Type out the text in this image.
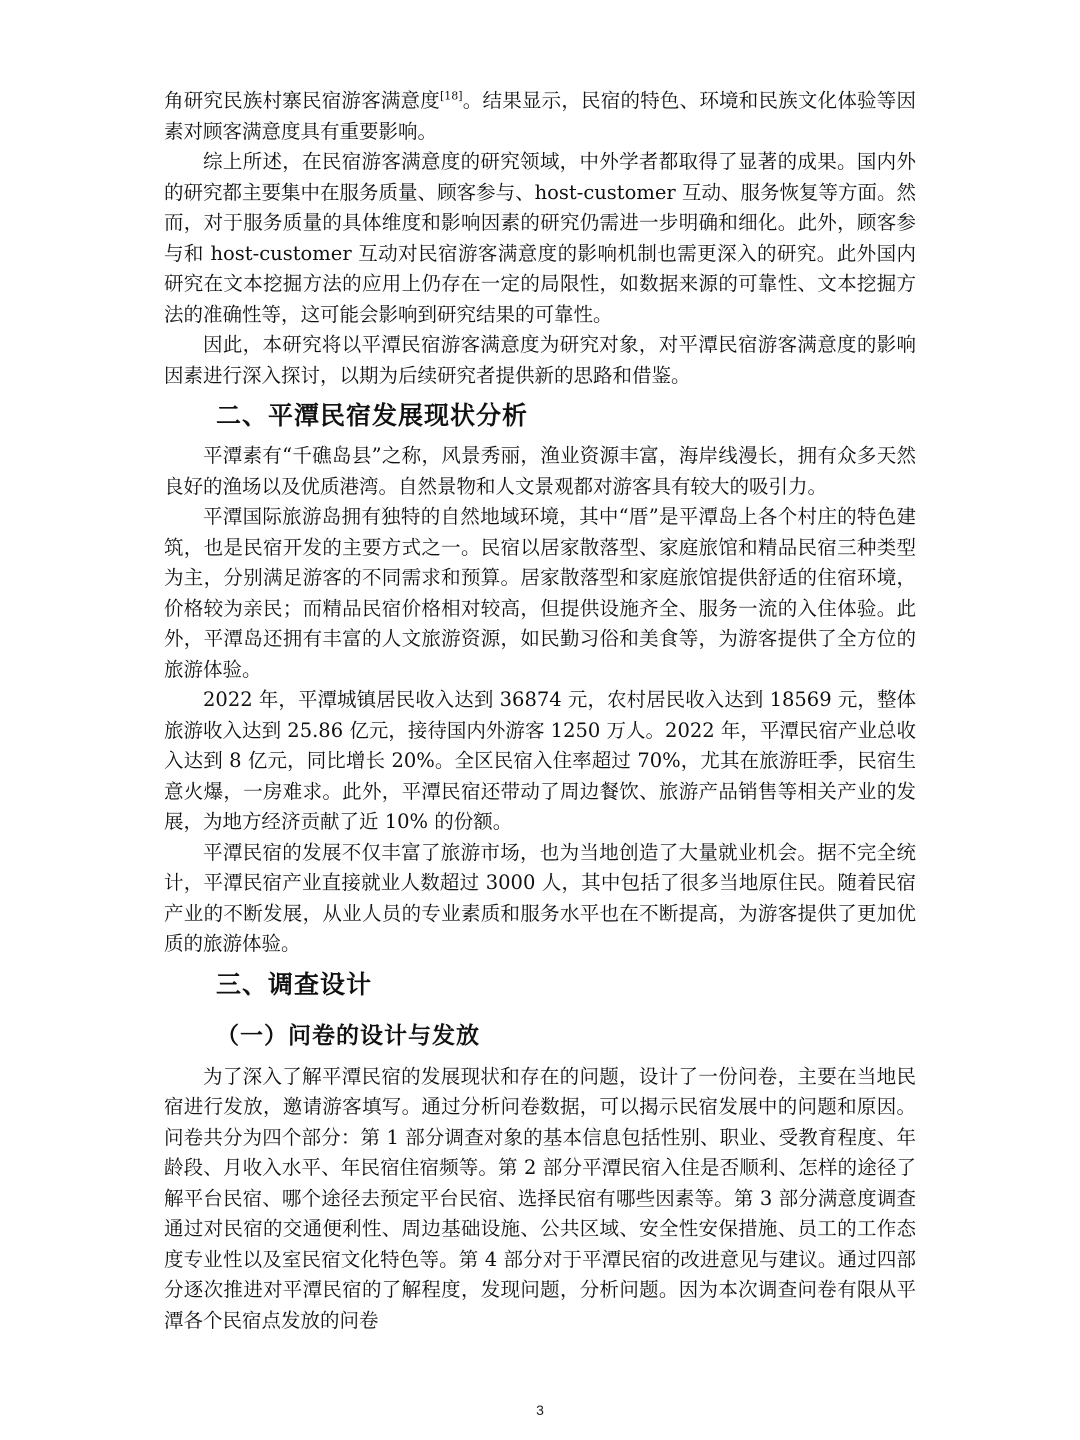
角研究民族村寨民宿游客满意度[18]。结果显示，民宿的特色、环境和民族文化体验等因素对顾客满意度具有重要影响。

综上所述，在民宿游客满意度的研究领域，中外学者都取得了显著的成果。国内外的研究都主要集中在服务质量、顾客参与、host-customer 互动、服务恢复等方面。然而，对于服务质量的具体维度和影响因素的研究仍需进一步明确和细化。此外，顾客参与和 host-customer 互动对民宿游客满意度的影响机制也需更深入的研究。此外国内研究在文本挖掘方法的应用上仍存在一定的局限性，如数据来源的可靠性、文本挖掘方法的准确性等，这可能会影响到研究结果的可靠性。

因此，本研究将以平潭民宿游客满意度为研究对象，对平潭民宿游客满意度的影响因素进行深入探讨，以期为后续研究者提供新的思路和借鉴。

二、平潭民宿发展现状分析

平潭素有“千礁岛县”之称，风景秀丽，渔业资源丰富，海岸线漫长，拥有众多天然良好的渔场以及优质港湾。自然景物和人文景观都对游客具有较大的吸引力。

平潭国际旅游岛拥有独特的自然地域环境，其中“厝”是平潭岛上各个村庄的特色建筑，也是民宿开发的主要方式之一。民宿以居家散落型、家庭旅馆和精品民宿三种类型为主，分别满足游客的不同需求和预算。居家散落型和家庭旅馆提供舒适的住宿环境，价格较为亲民；而精品民宿价格相对较高，但提供设施齐全、服务一流的入住体验。此外，平潭岛还拥有丰富的人文旅游资源，如民勤习俗和美食等，为游客提供了全方位的旅游体验。

2022 年，平潭城镇居民收入达到 36874 元，农村居民收入达到 18569 元，整体旅游收入达到 25.86 亿元，接待国内外游客 1250 万人。2022 年，平潭民宿产业总收入达到 8 亿元，同比增长 20%。全区民宿入住率超过 70%，尤其在旅游旺季，民宿生意火爆，一房难求。此外，平潭民宿还带动了周边餐饮、旅游产品销售等相关产业的发展，为地方经济贡献了近 10% 的份额。

平潭民宿的发展不仅丰富了旅游市场，也为当地创造了大量就业机会。据不完全统计，平潭民宿产业直接就业人数超过 3000 人，其中包括了很多当地原住民。随着民宿产业的不断发展，从业人员的专业素质和服务水平也在不断提高，为游客提供了更加优质的旅游体验。

三、调查设计
（一）问卷的设计与发放

为了深入了解平潭民宿的发展现状和存在的问题，设计了一份问卷，主要在当地民宿进行发放，邀请游客填写。通过分析问卷数据，可以揭示民宿发展中的问题和原因。问卷共分为四个部分：第 1 部分调查对象的基本信息包括性别、职业、受教育程度、年龄段、月收入水平、年民宿住宿频等。第 2 部分平潭民宿入住是否顺利、怎样的途径了解平台民宿、哪个途径去预定平台民宿、选择民宿有哪些因素等。第 3 部分满意度调查通过对民宿的交通便利性、周边基础设施、公共区域、安全性安保措施、员工的工作态度专业性以及室民宿文化特色等。第 4 部分对于平潭民宿的改进意见与建议。通过四部分逐次推进对平潭民宿的了解程度，发现问题，分析问题。因为本次调查问卷有限从平潭各个民宿点发放的问卷

3
